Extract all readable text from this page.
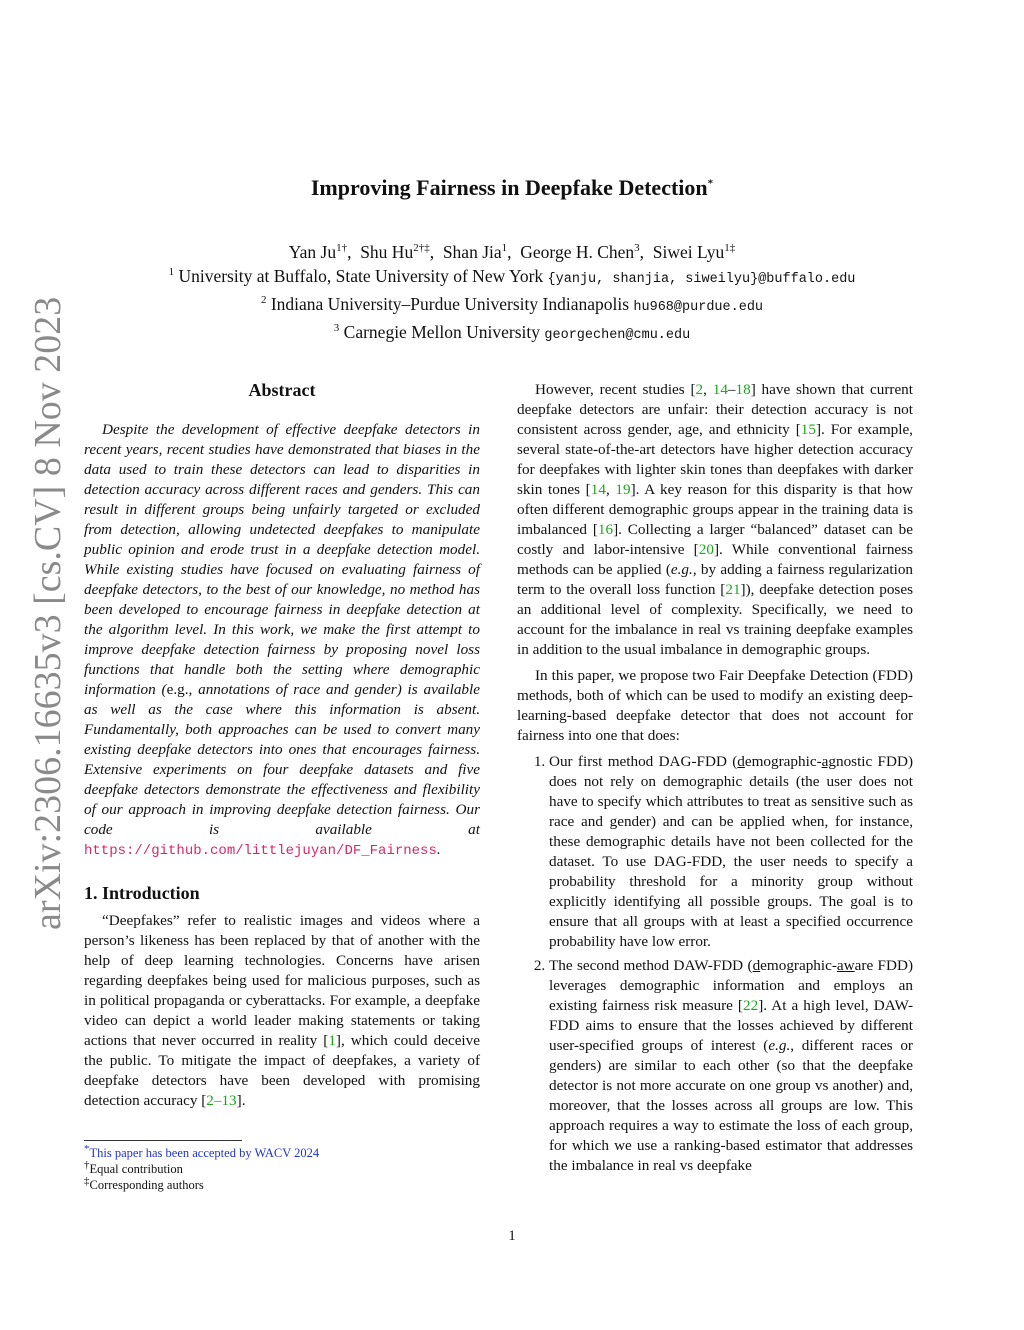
arXiv:2306.16635v3 [cs.CV] 8 Nov 2023
Improving Fairness in Deepfake Detection*
Yan $Ju^{1\dagger}$,  Shu $Hu^{2\dagger\ddagger}$,  Shan Jia$^1$,  George H. Chen$^3$,  Siwei Lyu$^{1\ddagger}$
$^1$ University at Buffalo, State University of New York {yanju, shanjia, siweilyu}@buffalo.edu
$^2$ Indiana University–Purdue University Indianapolis hu968@purdue.edu
$^3$ Carnegie Mellon University georgechen@cmu.edu
Abstract

Despite the development of effective deepfake detectors in recent years, recent studies have demonstrated that biases in the data used to train these detectors can lead to disparities in detection accuracy across different races and genders. This can result in different groups being unfairly targeted or excluded from detection, allowing undetected deepfakes to manipulate public opinion and erode trust in a deepfake detection model. While existing studies have focused on evaluating fairness of deepfake detectors, to the best of our knowledge, no method has been developed to encourage fairness in deepfake detection at the algorithm level. In this work, we make the first attempt to improve deepfake detection fairness by proposing novel loss functions that handle both the setting where demographic information (e.g., annotations of race and gender) is available as well as the case where this information is absent. Fundamentally, both approaches can be used to convert many existing deepfake detectors into ones that encourages fairness. Extensive experiments on four deepfake datasets and five deepfake detectors demonstrate the effectiveness and flexibility of our approach in improving deepfake detection fairness. Our code is available at https://github.com/littlejuyan/DF_Fairness.

1. Introduction

“Deepfakes” refer to realistic images and videos where a person’s likeness has been replaced by that of another with the help of deep learning technologies. Concerns have arisen regarding deepfakes being used for malicious purposes, such as in political propaganda or cyberattacks. For example, a deepfake video can depict a world leader making statements or taking actions that never occurred in reality [1], which could deceive the public. To mitigate the impact of deepfakes, a variety of deepfake detectors have been developed with promising detection accuracy [2–13].

However, recent studies [2, 14–18] have shown that current deepfake detectors are unfair: their detection accuracy is not consistent across gender, age, and ethnicity [15]. For example, several state-of-the-art detectors have higher detection accuracy for deepfakes with lighter skin tones than deepfakes with darker skin tones [14, 19]. A key reason for this disparity is that how often different demographic groups appear in the training data is imbalanced [16]. Collecting a larger “balanced” dataset can be costly and labor-intensive [20]. While conventional fairness methods can be applied (e.g., by adding a fairness regularization term to the overall loss function [21]), deepfake detection poses an additional level of complexity. Specifically, we need to account for the imbalance in real vs training deepfake examples in addition to the usual imbalance in demographic groups.

In this paper, we propose two Fair Deepfake Detection (FDD) methods, both of which can be used to modify an existing deep-learning-based deepfake detector that does not account for fairness into one that does:

1. Our first method DAG-FDD (demographic-agnostic FDD) does not rely on demographic details (the user does not have to specify which attributes to treat as sensitive such as race and gender) and can be applied when, for instance, these demographic details have not been collected for the dataset. To use DAG-FDD, the user needs to specify a probability threshold for a minority group without explicitly identifying all possible groups. The goal is to ensure that all groups with at least a specified occurrence probability have low error.
2. The second method DAW-FDD (demographic-aware FDD) leverages demographic information and employs an existing fairness risk measure [22]. At a high level, DAW-FDD aims to ensure that the losses achieved by different user-specified groups of interest (e.g., different races or genders) are similar to each other (so that the deepfake detector is not more accurate on one group vs another) and, moreover, that the losses across all groups are low. This approach requires a way to estimate the loss of each group, for which we use a ranking-based estimator that addresses the imbalance in real vs deepfake
*This paper has been accepted by WACV 2024
†Equal contribution
‡Corresponding authors
1
